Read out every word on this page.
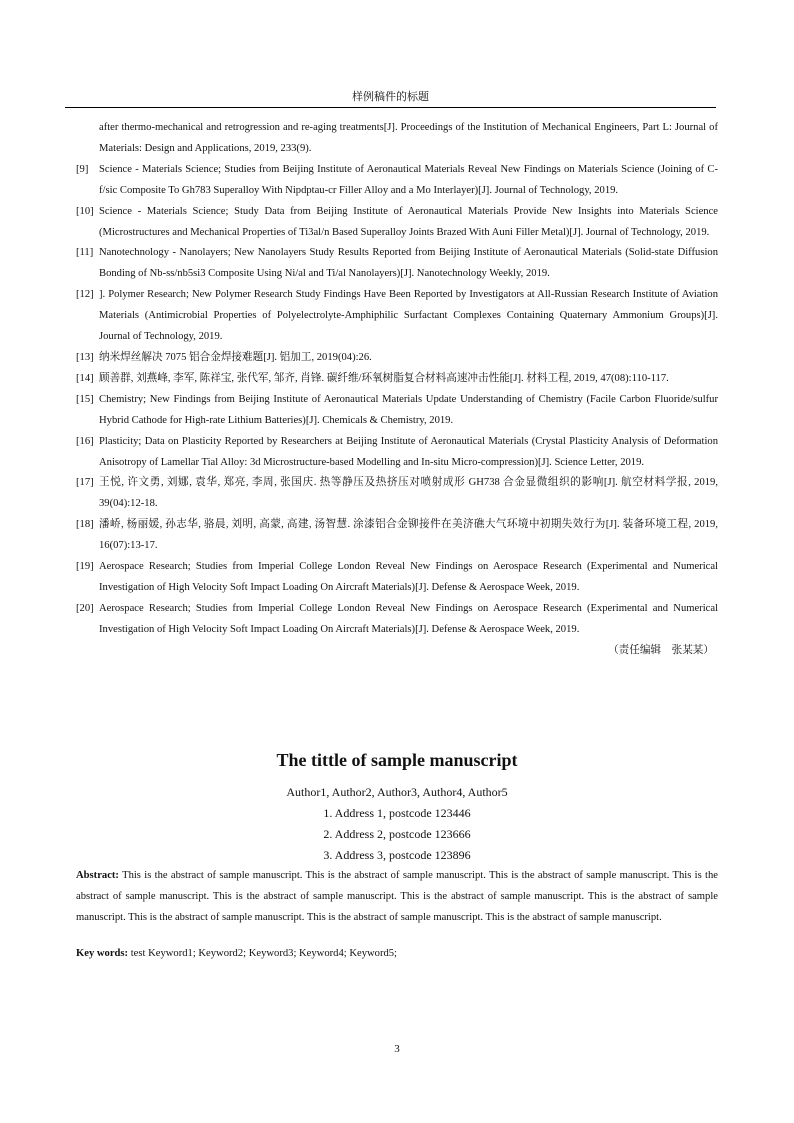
样例稿件的标题
after thermo-mechanical and retrogression and re-aging treatments[J]. Proceedings of the Institution of Mechanical Engineers, Part L: Journal of Materials: Design and Applications, 2019, 233(9).
[9]	Science - Materials Science; Studies from Beijing Institute of Aeronautical Materials Reveal New Findings on Materials Science (Joining of C-f/sic Composite To Gh783 Superalloy With Nipdptau-cr Filler Alloy and a Mo Interlayer)[J]. Journal of Technology, 2019.
[10] Science - Materials Science; Study Data from Beijing Institute of Aeronautical Materials Provide New Insights into Materials Science (Microstructures and Mechanical Properties of Ti3al/n Based Superalloy Joints Brazed With Auni Filler Metal)[J]. Journal of Technology, 2019.
[11] Nanotechnology - Nanolayers; New Nanolayers Study Results Reported from Beijing Institute of Aeronautical Materials (Solid-state Diffusion Bonding of Nb-ss/nb5si3 Composite Using Ni/al and Ti/al Nanolayers)[J]. Nanotechnology Weekly, 2019.
[12] ]. Polymer Research; New Polymer Research Study Findings Have Been Reported by Investigators at All-Russian Research Institute of Aviation Materials (Antimicrobial Properties of Polyelectrolyte-Amphiphilic Surfactant Complexes Containing Quaternary Ammonium Groups)[J]. Journal of Technology, 2019.
[13] 纳米焊丝解决 7075 铝合金焊接难题[J]. 铝加工, 2019(04):26.
[14] 顾善群, 刘燕峰, 李军, 陈祥宝, 张代军, 邹齐, 肖锋. 碳纤维/环氧树脂复合材料高速冲击性能[J]. 材料工程, 2019, 47(08):110-117.
[15] Chemistry; New Findings from Beijing Institute of Aeronautical Materials Update Understanding of Chemistry (Facile Carbon Fluoride/sulfur Hybrid Cathode for High-rate Lithium Batteries)[J]. Chemicals & Chemistry, 2019.
[16] Plasticity; Data on Plasticity Reported by Researchers at Beijing Institute of Aeronautical Materials (Crystal Plasticity Analysis of Deformation Anisotropy of Lamellar Tial Alloy: 3d Microstructure-based Modelling and In-situ Micro-compression)[J]. Science Letter, 2019.
[17] 王悦, 许文勇, 刘娜, 袁华, 郑亮, 李周, 张国庆. 热等静压及热挤压对喷射成形 GH738 合金显微组织的影响[J]. 航空材料学报, 2019, 39(04):12-18.
[18] 潘峤, 杨丽媛, 孙志华, 骆晨, 刘明, 高蒙, 高建, 汤智慧. 涂漆铝合金铆接件在美济礁大气环境中初期失效行为[J]. 装备环境工程, 2019, 16(07):13-17.
[19] Aerospace Research; Studies from Imperial College London Reveal New Findings on Aerospace Research (Experimental and Numerical Investigation of High Velocity Soft Impact Loading On Aircraft Materials)[J]. Defense & Aerospace Week, 2019.
[20] Aerospace Research; Studies from Imperial College London Reveal New Findings on Aerospace Research (Experimental and Numerical Investigation of High Velocity Soft Impact Loading On Aircraft Materials)[J]. Defense & Aerospace Week, 2019.
（责任编辑　张某某）
The tittle of sample manuscript
Author1, Author2, Author3, Author4, Author5
1. Address 1, postcode 123446
2. Address 2, postcode 123666
3. Address 3, postcode 123896
Abstract: This is the abstract of sample manuscript. This is the abstract of sample manuscript. This is the abstract of sample manuscript. This is the abstract of sample manuscript. This is the abstract of sample manuscript. This is the abstract of sample manuscript. This is the abstract of sample manuscript. This is the abstract of sample manuscript. This is the abstract of sample manuscript. This is the abstract of sample manuscript.
Key words: test Keyword1; Keyword2; Keyword3; Keyword4; Keyword5;
3
